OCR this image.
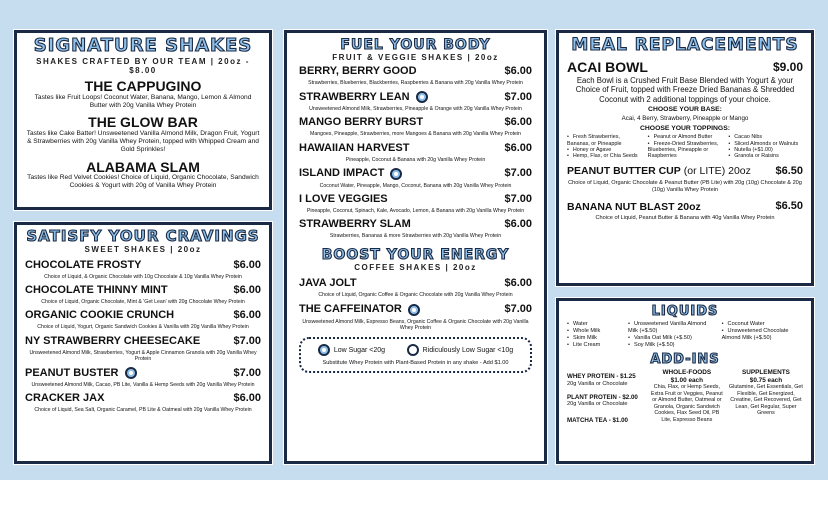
SIGNATURE SHAKES
SHAKES CRAFTED BY OUR TEAM | 20oz - $8.00
THE CAPPUGINO
Tastes like Fruit Loops! Coconut Water, Banana, Mango, Lemon & Almond Butter with 20g Vanilla Whey Protein
THE GLOW BAR
Tastes like Cake Batter! Unsweetened Vanilla Almond Milk, Dragon Fruit, Yogurt & Strawberries with 20g Vanilla Whey Protein, topped with Whipped Cream and Gold Sprinkles!
ALABAMA SLAM
Tastes like Red Velvet Cookies! Choice of Liquid, Organic Chocolate, Sandwich Cookies & Yogurt with 20g of Vanilla Whey Protein
SATISFY YOUR CRAVINGS
SWEET SHAKES | 20oz
CHOCOLATE FROSTY	$6.00
Choice of Liquid, & Organic Chocolate with 10g Chocolate & 10g Vanilla Whey Protein
CHOCOLATE THINNY MINT	$6.00
Choice of Liquid, Organic Chocolate, Mint & 'Get Lean' with 20g Chocolate Whey Protein
ORGANIC COOKIE CRUNCH	$6.00
Choice of Liquid, Yogurt, Organic Sandwich Cookies & Vanilla with 20g Vanilla Whey Protein
NY STRAWBERRY CHEESECAKE	$7.00
Unsweetened Almond Milk, Strawberries, Yogurt & Apple Cinnamon Granola with 20g Vanilla Whey Protein
PEANUT BUSTER	$7.00
Unsweetened Almond Milk, Cacao, PB Lite, Vanilla & Hemp Seeds with 20g Vanilla Whey Protein
CRACKER JAX	$6.00
Choice of Liquid, Sea Salt, Organic Caramel, PB Lite & Oatmeal with 20g Vanilla Whey Protein
FUEL YOUR BODY
FRUIT & VEGGIE SHAKES | 20oz
BERRY, BERRY GOOD	$6.00
Strawberries, Blueberries, Blackberries, Raspberries & Banana with 20g Vanilla Whey Protein
STRAWBERRY LEAN	$7.00
Unsweetened Almond Milk, Strawberries, Pineapple & Orange with 20g Vanilla Whey Protein
MANGO BERRY BURST	$6.00
Mangoes, Pineapple, Strawberries, more Mangoes & Banana with 20g Vanilla Whey Protein
HAWAIIAN HARVEST	$6.00
Pineapple, Coconut & Banana with 20g Vanilla Whey Protein
ISLAND IMPACT	$7.00
Coconut Water, Pineapple, Mango, Coconut, Banana with 20g Vanilla Whey Protein
I LOVE VEGGIES	$7.00
Pineapple, Coconut, Spinach, Kale, Avocado, Lemon, & Banana with 20g Vanilla Whey Protein
STRAWBERRY SLAM	$6.00
Strawberries, Bananas & more Strawberries with 20g Vanilla Whey Protein
BOOST YOUR ENERGY
COFFEE SHAKES | 20oz
JAVA JOLT	$6.00
Choice of Liquid, Organic Coffee & Organic Chocolate with 20g Vanilla Whey Protein
THE CAFFEINATOR	$7.00
Unsweetened Almond Milk, Espresso Beans, Organic Coffee & Organic Chocolate with 20g Vanilla Whey Protein
Low Sugar <20g	Ridiculously Low Sugar <10g
Substitute Whey Protein with Plant-Based Protein in any shake - Add $1.00
MEAL REPLACEMENTS
ACAI BOWL	$9.00
Each Bowl is a Crushed Fruit Base Blended with Yogurt & your Choice of Fruit, topped with Freeze Dried Bananas & Shredded Coconut with 2 additional toppings of your choice.
CHOOSE YOUR BASE:
Acai, 4 Berry, Strawberry, Pineapple or Mango
CHOOSE YOUR TOPPINGS:
• Fresh Strawberries, Bananas, or Pineapple
• Honey or Agave
• Hemp, Flax, or Chia Seeds
• Peanut or Almond Butter
• Freeze-Dried Strawberries, Blueberries, Pineapple or Raspberries
• Cacao Nibs
• Sliced Almonds or Walnuts
• Nutella (+$1.00)
• Granola or Raisins
PEANUT BUTTER CUP (or LITE) 20oz $6.50
Choice of Liquid, Organic Chocolate & Peanut Butter (PB Lite) with 20g (10g) Chocolate & 20g (10g) Vanilla Whey Protein
BANANA NUT BLAST 20oz	$6.50
Choice of Liquid, Peanut Butter & Banana with 40g Vanilla Whey Protein
LIQUIDS
• Water
• Whole Milk
• Skim Milk
• Lite Cream
• Unsweetened Vanilla Almond Milk (+$.50)
• Vanilla Oat Milk (+$.50)
• Soy Milk (+$.50)
• Coconut Water
• Unsweetened Chocolate Almond Milk (+$.50)
ADD-INS
WHEY PROTEIN - $1.25
20g Vanilla or Chocolate
PLANT PROTEIN - $2.00
20g Vanilla or Chocolate
MATCHA TEA - $1.00
WHOLE-FOODS
$1.00 each
Chia, Flax, or Hemp Seeds, Extra Fruit or Veggies, Peanut or Almond Butter, Oatmeal or Granola, Organic Sandwich Cookies, Flax Seed Oil, PB Lite, Espresso Beans
SUPPLEMENTS
$0.75 each
Glutamine, Get Essentials, Get Flexible, Get Energized, Creatine, Get Recovered, Get Lean, Get Regular, Super Greens
